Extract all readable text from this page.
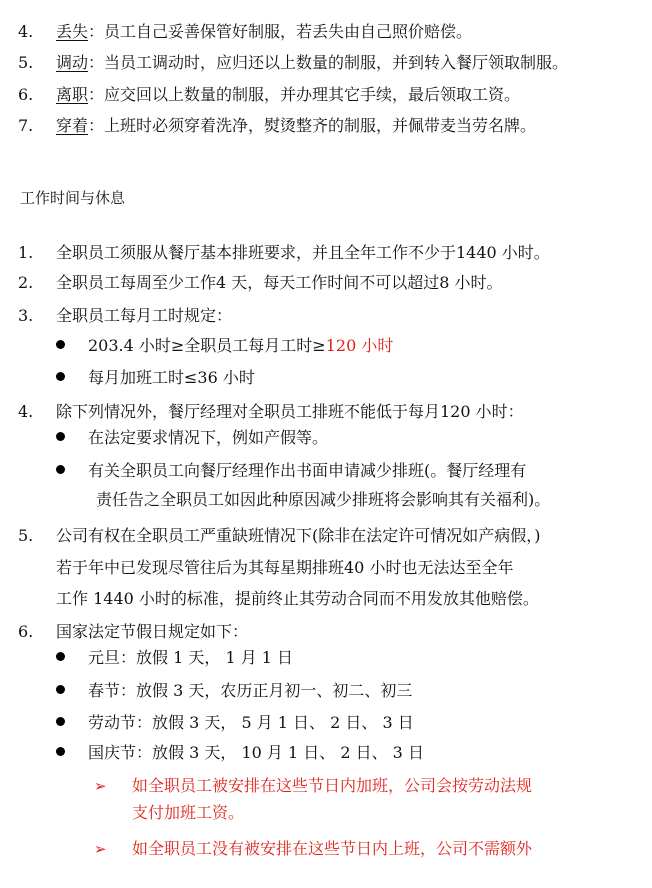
4. 丢失：员工自己妥善保管好制服，若丢失由自己照价赔偿。
5. 调动：当员工调动时，应归还以上数量的制服，并到转入餐厅领取制服。
6. 离职：应交回以上数量的制服，并办理其它手续，最后领取工资。
7. 穿着：上班时必须穿着洗净，熨烫整齐的制服，并佩带麦当劳名牌。
工作时间与休息
1. 全职员工须服从餐厅基本排班要求，并且全年工作不少于1440 小时。
2. 全职员工每周至少工作4 天，每天工作时间不可以超过8 小时。
3. 全职员工每月工时规定：
203.4 小时≥全职员工每月工时≥120 小时
每月加班工时≤36 小时
4. 除下列情况外，餐厅经理对全职员工排班不能低于每月120 小时：
在法定要求情况下，例如产假等。
有关全职员工向餐厅经理作出书面申请减少排班(。餐厅经理有
责任告之全职员工如因此种原因减少排班将会影响其有关福利)。
5. 公司有权在全职员工严重缺班情况下(除非在法定许可情况如产病假，)
若于年中已发现尽管往后为其每星期排班40 小时也无法达至全年
工作 1440 小时的标准，提前终止其劳动合同而不用发放其他赔偿。
6. 国家法定节假日规定如下：
元旦：放假 1 天， 1 月 1 日
春节：放假 3 天，农历正月初一、初二、初三
劳动节：放假 3 天， 5 月 1 日、 2 日、 3 日
国庆节：放假 3 天， 10 月 1 日、 2 日、 3 日
➢ 如全职员工被安排在这些节日内加班，公司会按劳动法规
支付加班工资。
➢ 如全职员工没有被安排在这些节日内上班，公司不需额外
